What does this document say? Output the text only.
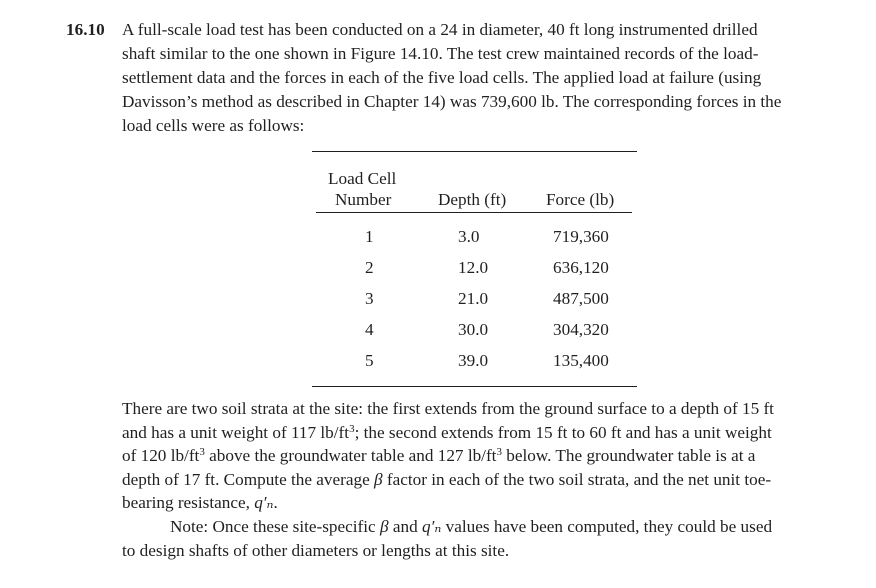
16.10 A full-scale load test has been conducted on a 24 in diameter, 40 ft long instrumented drilled
shaft similar to the one shown in Figure 14.10. The test crew maintained records of the load-
settlement data and the forces in each of the five load cells. The applied load at failure (using
Davisson’s method as described in Chapter 14) was 739,600 lb. The corresponding forces in the
load cells were as follows:
Load Cell
Number	Depth (ft) Force (lb)
1	3.0	719,360
2	12.0	636,120
3	21.0	487,500
4	30.0	304,320
5	39.0	135,400
There are two soil strata at the site: the first extends from the ground surface to a depth of 15 ft
and has a unit weight of 117 $lb/ft^3$; the second extends from 15 ft to 60 ft and has a unit weight
of 120 $lb/ft^3$ above the groundwater table and 127 $lb/ft^3$ below. The groundwater table is at a
depth of 17 ft. Compute the average β factor in each of the two soil strata, and the net unit toe-
bearing resistance, q′ₙ.
Note: Once these site-specific β and q′ₙ values have been computed, they could be used
to design shafts of other diameters or lengths at this site.
